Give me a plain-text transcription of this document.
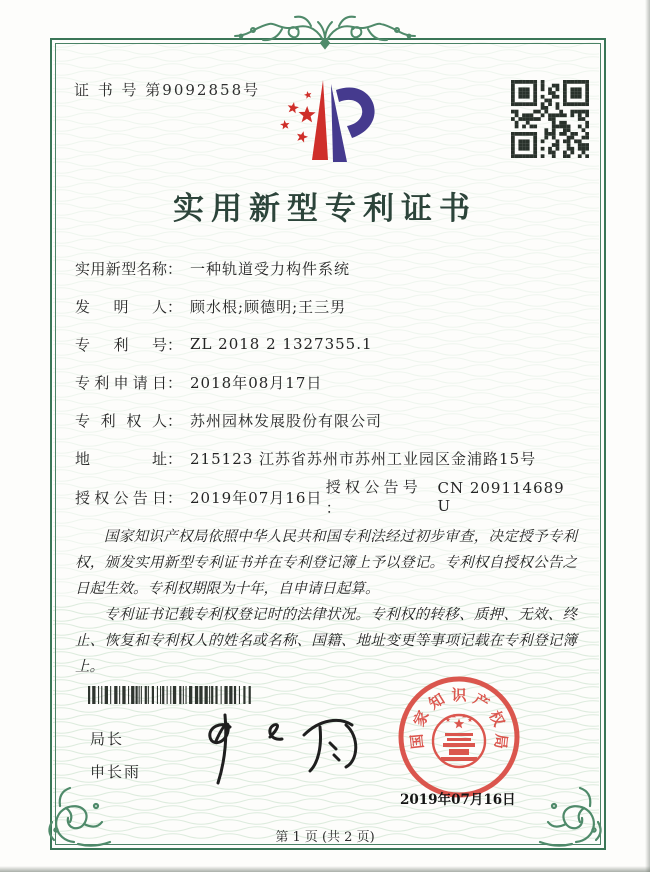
证 书 号 第9092858号
实用新型专利证书
实用新型名称： 一种轨道受力构件系统
发明人： 顾水根;顾德明;王三男
专利号： ZL 2018 2 1327355.1
专利申请日： 2018年08月17日
专利权人： 苏州园林发展股份有限公司
地址： 215123 江苏省苏州市苏州工业园区金浦路15号
授权公告日： 2019年07月16日
授权公告号：
CN 209114689 U

国家知识产权局依照中华人民共和国专利法经过初步审查，决定授予专利权，颁发实用新型专利证书并在专利登记簿上予以登记。专利权自授权公告之日起生效。专利权期限为十年，自申请日起算。

专利证书记载专利权登记时的法律状况。专利权的转移、质押、无效、终止、恢复和专利权人的姓名或名称、国籍、地址变更等事项记载在专利登记簿上。

局长
申长雨
国
家
知 识 产
权
局
2019年07月16日
第 1 页 (共 2 页)
